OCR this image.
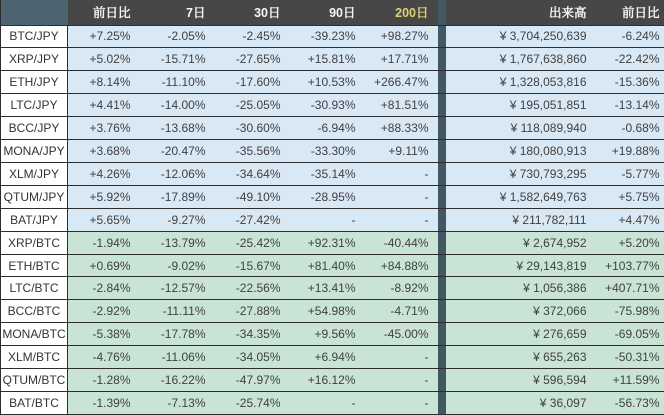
	前日比	7日	30日	90日	200日		出来高	前日比
BTC/JPY	+7.25%	-2.05%	-2.45%	-39.23%	+98.27%		¥ 3,704,250,639	-6.24%
XRP/JPY	+5.02%	-15.71%	-27.65%	+15.81%	+17.71%		¥ 1,767,638,860	-22.42%
ETH/JPY	+8.14%	-11.10%	-17.60%	+10.53%	+266.47%		¥ 1,328,053,816	-15.36%
LTC/JPY	+4.41%	-14.00%	-25.05%	-30.93%	+81.51%		¥ 195,051,851	-13.14%
BCC/JPY	+3.76%	-13.68%	-30.60%	-6.94%	+88.33%		¥ 118,089,940	-0.68%
MONA/JPY	+3.68%	-20.47%	-35.56%	-33.30%	+9.11%		¥ 180,080,913	+19.88%
XLM/JPY	+4.26%	-12.06%	-34.64%	-35.14%	-		¥ 730,793,295	-5.77%
QTUM/JPY	+5.92%	-17.89%	-49.10%	-28.95%	-		¥ 1,582,649,763	+5.75%
BAT/JPY	+5.65%	-9.27%	-27.42%	-	-		¥ 211,782,111	+4.47%
XRP/BTC	-1.94%	-13.79%	-25.42%	+92.31%	-40.44%		¥ 2,674,952	+5.20%
ETH/BTC	+0.69%	-9.02%	-15.67%	+81.40%	+84.88%		¥ 29,143,819	+103.77%
LTC/BTC	-2.84%	-12.57%	-22.56%	+13.41%	-8.92%		¥ 1,056,386	+407.71%
BCC/BTC	-2.92%	-11.11%	-27.88%	+54.98%	-4.71%		¥ 372,066	-75.98%
MONA/BTC	-5.38%	-17.78%	-34.35%	+9.56%	-45.00%		¥ 276,659	-69.05%
XLM/BTC	-4.76%	-11.06%	-34.05%	+6.94%	-		¥ 655,263	-50.31%
QTUM/BTC	-1.28%	-16.22%	-47.97%	+16.12%	-		¥ 596,594	+11.59%
BAT/BTC	-1.39%	-7.13%	-25.74%	-	-		¥ 36,097	-56.73%
